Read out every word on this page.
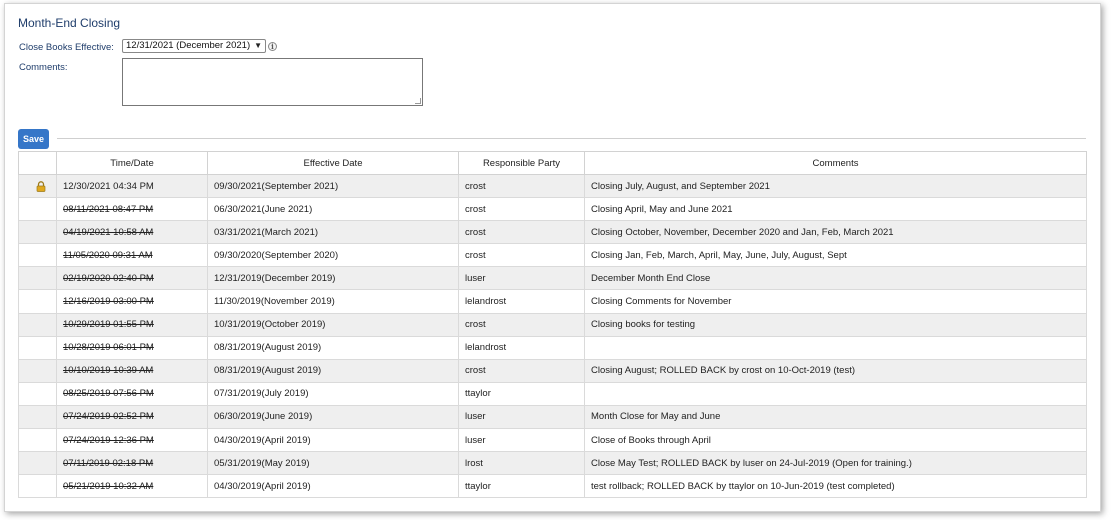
Month-End Closing
Close Books Effective: 12/31/2021 (December 2021) ▼	i
Comments:
Save
	Time/Date	Effective Date	Responsible Party	Comments
	12/30/2021 04:34 PM	09/30/2021(September 2021)	crost	Closing July, August, and September 2021
	08/11/2021 08:47 PM	06/30/2021(June 2021)	crost	Closing April, May and June 2021
	04/19/2021 10:58 AM	03/31/2021(March 2021)	crost	Closing October, November, December 2020 and Jan, Feb, March 2021
	11/05/2020 09:31 AM	09/30/2020(September 2020)	crost	Closing Jan, Feb, March, April, May, June, July, August, Sept
	02/19/2020 02:40 PM	12/31/2019(December 2019)	luser	December Month End Close
	12/16/2019 03:00 PM	11/30/2019(November 2019)	lelandrost	Closing Comments for November
	10/29/2019 01:55 PM	10/31/2019(October 2019)	crost	Closing books for testing
	10/28/2019 06:01 PM	08/31/2019(August 2019)	lelandrost	
	10/10/2019 10:39 AM	08/31/2019(August 2019)	crost	Closing August; ROLLED BACK by crost on 10-Oct-2019 (test)
	08/25/2019 07:56 PM	07/31/2019(July 2019)	ttaylor	
	07/24/2019 02:52 PM	06/30/2019(June 2019)	luser	Month Close for May and June
	07/24/2019 12:36 PM	04/30/2019(April 2019)	luser	Close of Books through April
	07/11/2019 02:18 PM	05/31/2019(May 2019)	lrost	Close May Test; ROLLED BACK by luser on 24-Jul-2019 (Open for training.)
	05/21/2019 10:32 AM	04/30/2019(April 2019)	ttaylor	test rollback; ROLLED BACK by ttaylor on 10-Jun-2019 (test completed)
